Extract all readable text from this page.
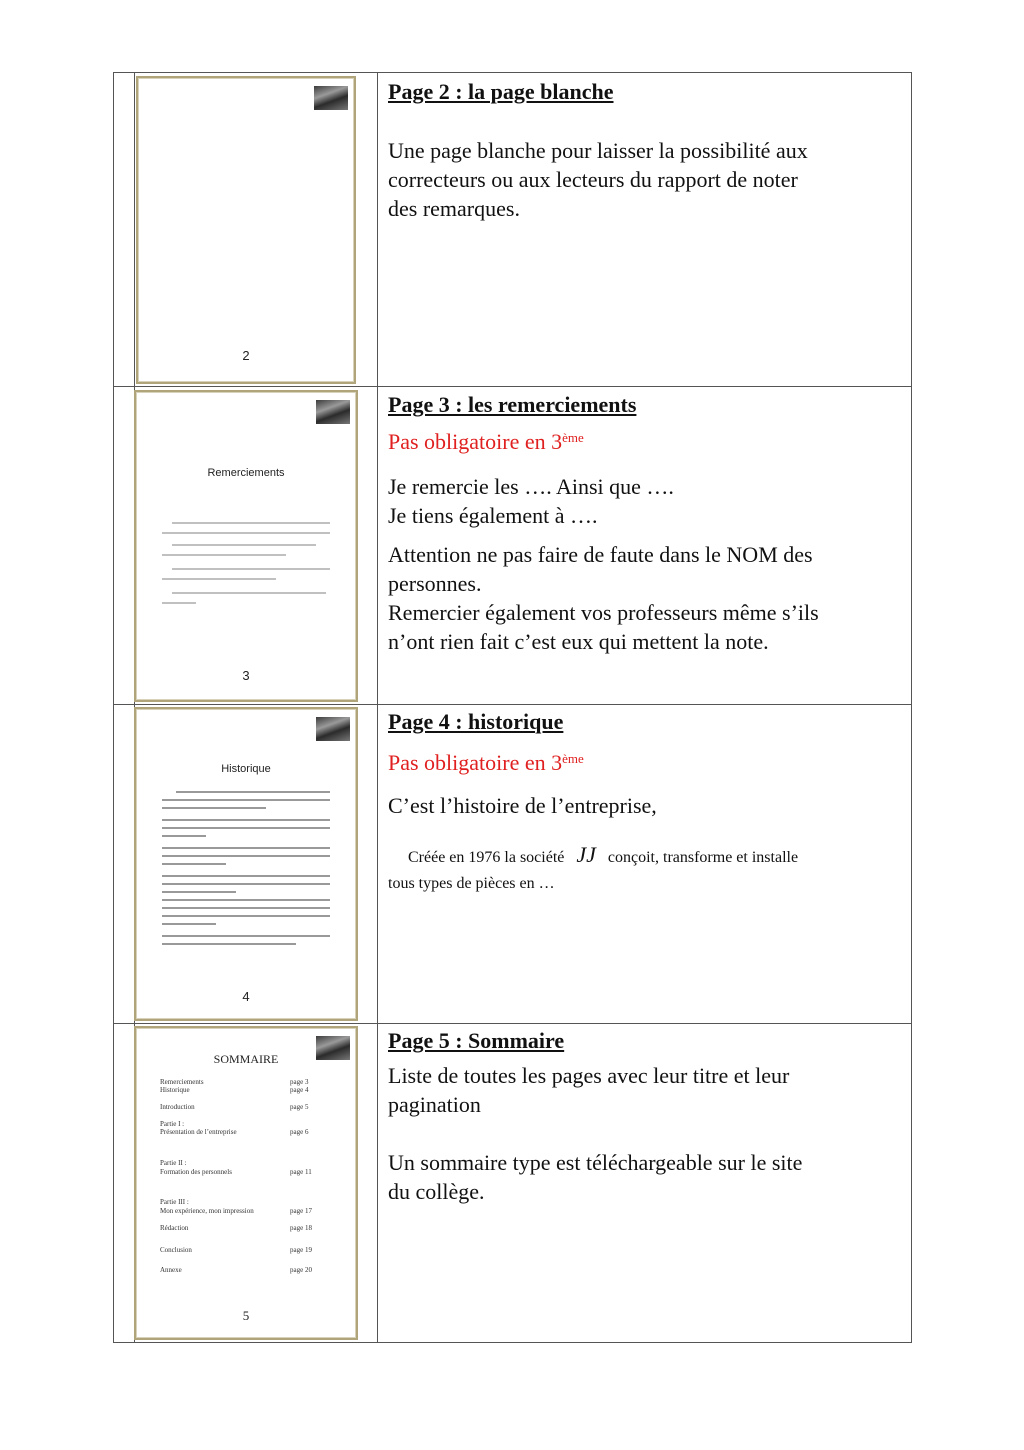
2

Page 2 : la page blanche

Une page blanche pour laisser la possibilité aux

correcteurs ou aux lecteurs du rapport de noter

des remarques.

Remerciements
3

Page 3 : les remerciements

Pas obligatoire en 3ème

Je remercie les …. Ainsi que ….

Je tiens également à ….

Attention ne pas faire de faute dans le NOM des

personnes.

Remercier également vos professeurs même s’ils

n’ont rien fait c’est eux qui mettent la note.

Historique
4

Page 4 : historique

Pas obligatoire en 3ème

C’est l’histoire de l’entreprise,

Créée en 1976 la société JJ conçoit, transforme et installe

tous types de pièces en …

SOMMAIRE
Remerciements	page 3
Historique	page 4
Introduction	page 5
Partie I :
Présentation de l’entreprise	page 6
Partie II :
Formation des personnels	page 11
Partie III :
Mon expérience, mon impression	page 17
Rédaction	page 18
Conclusion	page 19
Annexe	page 20
5

Page 5 : Sommaire

Liste de toutes les pages avec leur titre et leur

pagination

Un sommaire type est téléchargeable sur le site

du collège.
